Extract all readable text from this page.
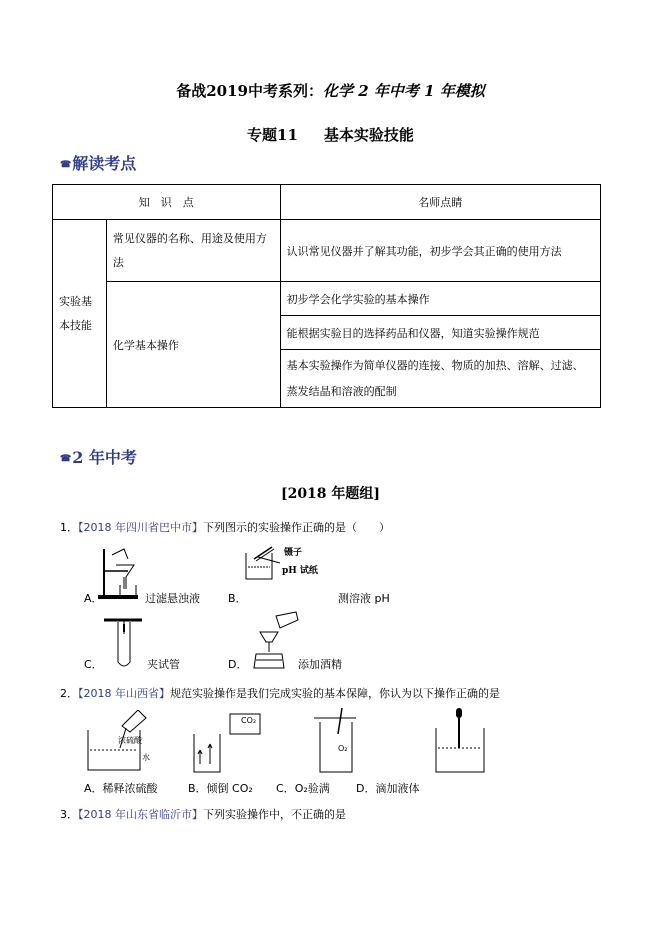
备战2019中考系列：化学 2 年中考 1 年模拟
专题11 基本实验技能
☎解读考点
知　识　点		名师点睛
实验基本技能	常见仪器的名称、用途及使用方法	认识常见仪器并了解其功能，初步学会其正确的使用方法
	化学基本操作	初步学会化学实验的基本操作
		能根据实验目的选择药品和仪器，知道实验操作规范
		基本实验操作为简单仪器的连接、物质的加热、溶解、过滤、蒸发结晶和溶液的配制
☎2 年中考
[2018 年题组]
1．【2018 年四川省巴中市】下列图示的实验操作正确的是（　　）
A．	过滤悬浊液
镊子
pH 试纸
B．	测溶液 pH
C．	夹试管	D．	添加酒精
2．【2018 年山西省】规范实验操作是我们完成实验的基本保障，你认为以下操作正确的是
浓硫酸
水
CO₂
O₂
A．稀释浓硫酸	B．倾倒 CO₂ C．O₂验满 D．滴加液体
3．【2018 年山东省临沂市】下列实验操作中，不正确的是
